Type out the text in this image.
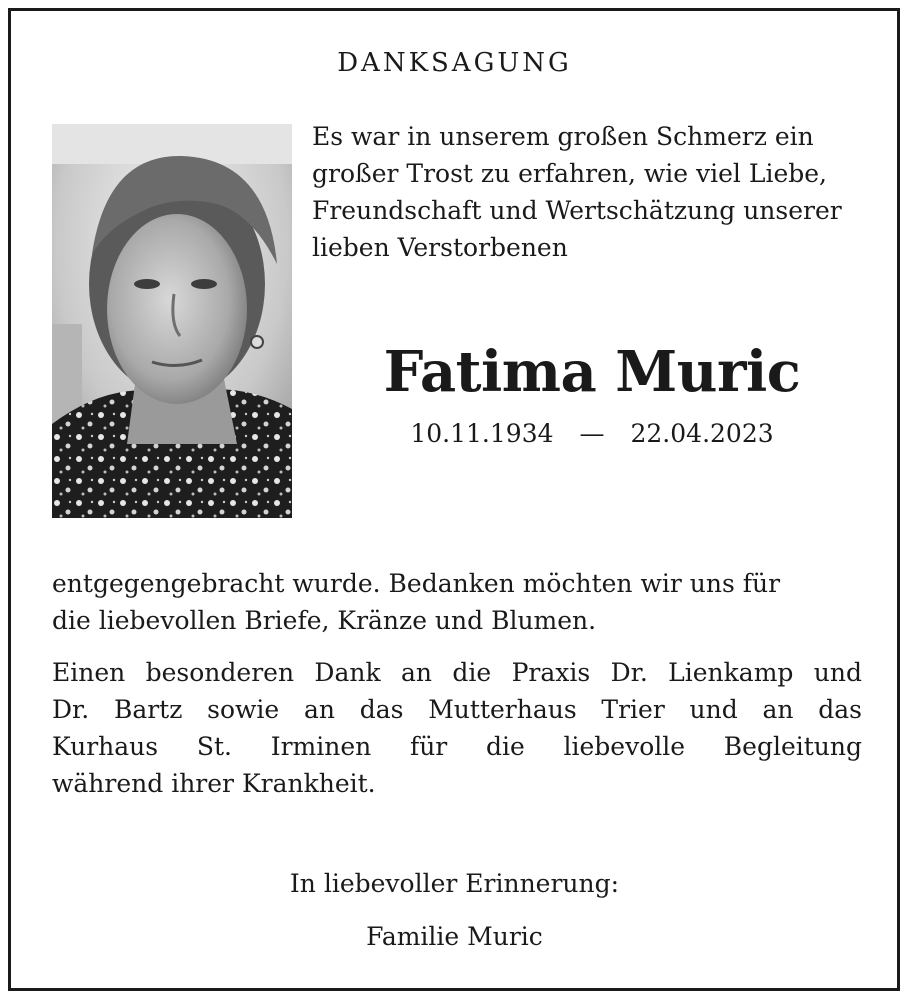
DANKSAGUNG
Es war in unserem großen Schmerz ein
großer Trost zu erfahren, wie viel Liebe,
Freundschaft und Wertschätzung unserer
lieben Verstorbenen
Fatima Muric
10.11.1934 — 22.04.2023
entgegengebracht wurde. Bedanken möchten wir uns für
die liebevollen Briefe, Kränze und Blumen.
Einen besonderen Dank an die Praxis Dr. Lienkamp und
Dr. Bartz sowie an das Mutterhaus Trier und an das
Kurhaus St. Irminen für die liebevolle Begleitung
während ihrer Krankheit.
In liebevoller Erinnerung:
Familie Muric
